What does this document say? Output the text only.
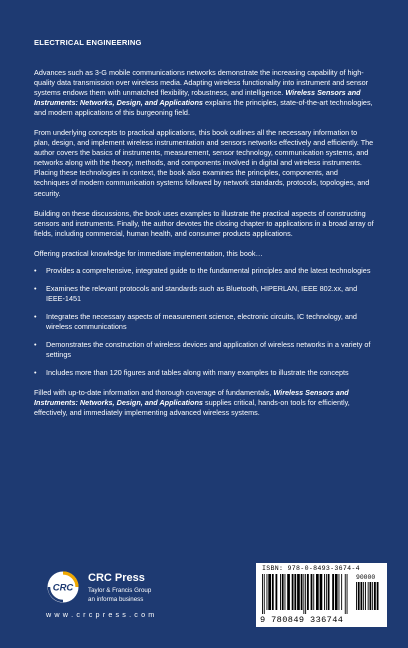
ELECTRICAL ENGINEERING

Advances such as 3-G mobile communications networks demonstrate the increasing capability of high-quality data transmission over wireless media. Adapting wireless functionality into instrument and sensor systems endows them with unmatched flexibility, robustness, and intelligence. Wireless Sensors and Instruments: Networks, Design, and Applications explains the principles, state-of-the-art technologies, and modern applications of this burgeoning field.

From underlying concepts to practical applications, this book outlines all the necessary information to plan, design, and implement wireless instrumentation and sensors networks effectively and efficiently. The author covers the basics of instruments, measurement, sensor technology, communication systems, and networks along with the theory, methods, and components involved in digital and wireless instruments. Placing these technologies in context, the book also examines the principles, components, and techniques of modern communication systems followed by network standards, protocols, topologies, and security.

Building on these discussions, the book uses examples to illustrate the practical aspects of constructing sensors and instruments. Finally, the author devotes the closing chapter to applications in a broad array of fields, including commercial, human health, and consumer products applications.

Offering practical knowledge for immediate implementation, this book…

• Provides a comprehensive, integrated guide to the fundamental principles and the latest technologies
• Examines the relevant protocols and standards such as Bluetooth, HIPERLAN, IEEE 802.xx, and IEEE-1451
• Integrates the necessary aspects of measurement science, electronic circuits, IC technology, and wireless communications
• Demonstrates the construction of wireless devices and application of wireless networks in a variety of settings
• Includes more than 120 figures and tables along with many examples to illustrate the concepts

Filled with up-to-date information and thorough coverage of fundamentals, Wireless Sensors and Instruments: Networks, Design, and Applications supplies critical, hands-on tools for efficiently, effectively, and immediately implementing advanced wireless systems.

CRC
CRC Press
Taylor & Francis Group
an informa business
w w w . c r c p r e s s . c o m
ISBN: 978-0-8493-3674-4
90000
9 780849 336744
